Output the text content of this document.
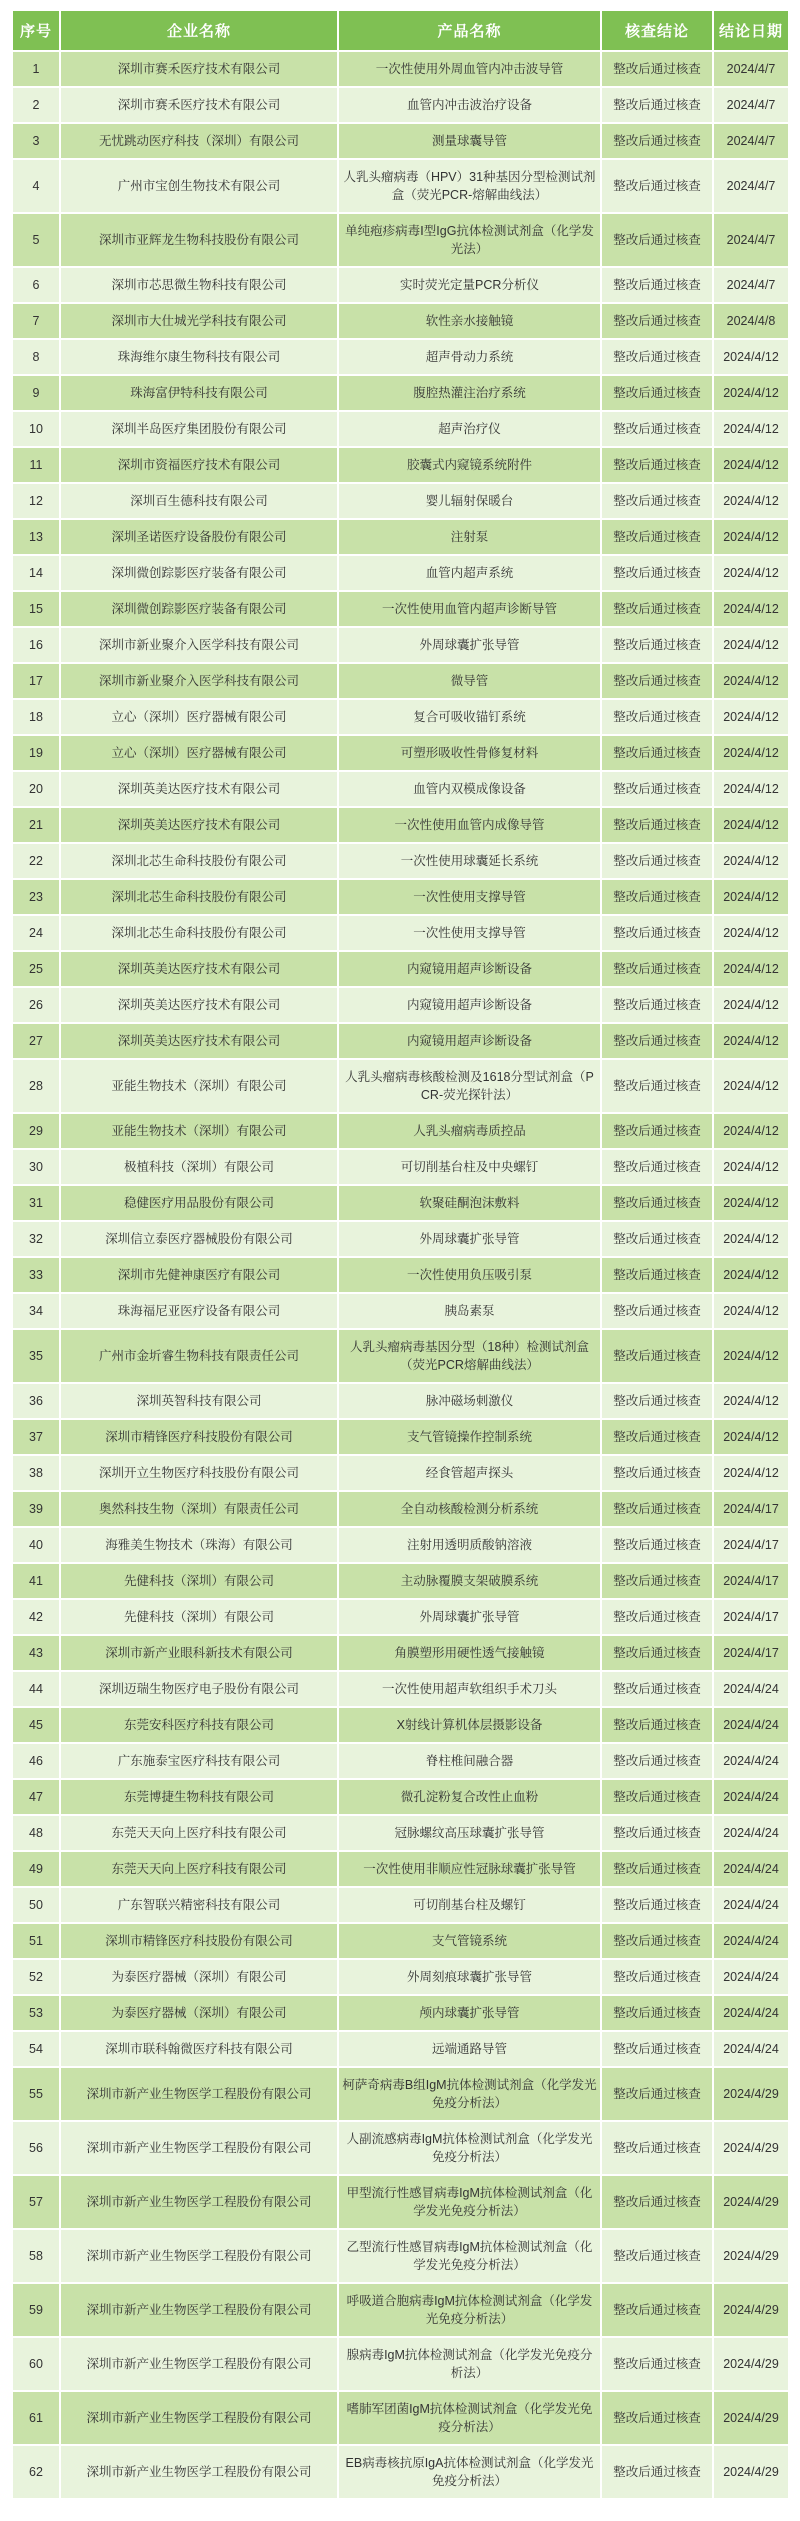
序号	企业名称	产品名称	核查结论	结论日期
1	深圳市赛禾医疗技术有限公司	一次性使用外周血管内冲击波导管	整改后通过核查	2024/4/7
2	深圳市赛禾医疗技术有限公司	血管内冲击波治疗设备	整改后通过核查	2024/4/7
3	无忧跳动医疗科技（深圳）有限公司	测量球囊导管	整改后通过核查	2024/4/7
4	广州市宝创生物技术有限公司	人乳头瘤病毒（HPV）31种基因分型检测试剂盒（荧光PCR-熔解曲线法）	整改后通过核查	2024/4/7
5	深圳市亚辉龙生物科技股份有限公司	单纯疱疹病毒Ⅰ型IgG抗体检测试剂盒（化学发光法）	整改后通过核查	2024/4/7
6	深圳市芯思微生物科技有限公司	实时荧光定量PCR分析仪	整改后通过核查	2024/4/7
7	深圳市大仕城光学科技有限公司	软性亲水接触镜	整改后通过核查	2024/4/8
8	珠海维尔康生物科技有限公司	超声骨动力系统	整改后通过核查	2024/4/12
9	珠海富伊特科技有限公司	腹腔热灌注治疗系统	整改后通过核查	2024/4/12
10	深圳半岛医疗集团股份有限公司	超声治疗仪	整改后通过核查	2024/4/12
11	深圳市资福医疗技术有限公司	胶囊式内窥镜系统附件	整改后通过核查	2024/4/12
12	深圳百生德科技有限公司	婴儿辐射保暖台	整改后通过核查	2024/4/12
13	深圳圣诺医疗设备股份有限公司	注射泵	整改后通过核查	2024/4/12
14	深圳微创踪影医疗装备有限公司	血管内超声系统	整改后通过核查	2024/4/12
15	深圳微创踪影医疗装备有限公司	一次性使用血管内超声诊断导管	整改后通过核查	2024/4/12
16	深圳市新业聚介入医学科技有限公司	外周球囊扩张导管	整改后通过核查	2024/4/12
17	深圳市新业聚介入医学科技有限公司	微导管	整改后通过核查	2024/4/12
18	立心（深圳）医疗器械有限公司	复合可吸收锚钉系统	整改后通过核查	2024/4/12
19	立心（深圳）医疗器械有限公司	可塑形吸收性骨修复材料	整改后通过核查	2024/4/12
20	深圳英美达医疗技术有限公司	血管内双模成像设备	整改后通过核查	2024/4/12
21	深圳英美达医疗技术有限公司	一次性使用血管内成像导管	整改后通过核查	2024/4/12
22	深圳北芯生命科技股份有限公司	一次性使用球囊延长系统	整改后通过核查	2024/4/12
23	深圳北芯生命科技股份有限公司	一次性使用支撑导管	整改后通过核查	2024/4/12
24	深圳北芯生命科技股份有限公司	一次性使用支撑导管	整改后通过核查	2024/4/12
25	深圳英美达医疗技术有限公司	内窥镜用超声诊断设备	整改后通过核查	2024/4/12
26	深圳英美达医疗技术有限公司	内窥镜用超声诊断设备	整改后通过核查	2024/4/12
27	深圳英美达医疗技术有限公司	内窥镜用超声诊断设备	整改后通过核查	2024/4/12
28	亚能生物技术（深圳）有限公司	人乳头瘤病毒核酸检测及1618分型试剂盒（PCR-荧光探针法）	整改后通过核查	2024/4/12
29	亚能生物技术（深圳）有限公司	人乳头瘤病毒质控品	整改后通过核查	2024/4/12
30	极植科技（深圳）有限公司	可切削基台柱及中央螺钉	整改后通过核查	2024/4/12
31	稳健医疗用品股份有限公司	软聚硅酮泡沫敷料	整改后通过核查	2024/4/12
32	深圳信立泰医疗器械股份有限公司	外周球囊扩张导管	整改后通过核查	2024/4/12
33	深圳市先健神康医疗有限公司	一次性使用负压吸引泵	整改后通过核查	2024/4/12
34	珠海福尼亚医疗设备有限公司	胰岛素泵	整改后通过核查	2024/4/12
35	广州市金圻睿生物科技有限责任公司	人乳头瘤病毒基因分型（18种）检测试剂盒（荧光PCR熔解曲线法）	整改后通过核查	2024/4/12
36	深圳英智科技有限公司	脉冲磁场刺激仪	整改后通过核查	2024/4/12
37	深圳市精锋医疗科技股份有限公司	支气管镜操作控制系统	整改后通过核查	2024/4/12
38	深圳开立生物医疗科技股份有限公司	经食管超声探头	整改后通过核查	2024/4/12
39	奥然科技生物（深圳）有限责任公司	全自动核酸检测分析系统	整改后通过核查	2024/4/17
40	海雅美生物技术（珠海）有限公司	注射用透明质酸钠溶液	整改后通过核查	2024/4/17
41	先健科技（深圳）有限公司	主动脉覆膜支架破膜系统	整改后通过核查	2024/4/17
42	先健科技（深圳）有限公司	外周球囊扩张导管	整改后通过核查	2024/4/17
43	深圳市新产业眼科新技术有限公司	角膜塑形用硬性透气接触镜	整改后通过核查	2024/4/17
44	深圳迈瑞生物医疗电子股份有限公司	一次性使用超声软组织手术刀头	整改后通过核查	2024/4/24
45	东莞安科医疗科技有限公司	X射线计算机体层摄影设备	整改后通过核查	2024/4/24
46	广东施泰宝医疗科技有限公司	脊柱椎间融合器	整改后通过核查	2024/4/24
47	东莞博捷生物科技有限公司	微孔淀粉复合改性止血粉	整改后通过核查	2024/4/24
48	东莞天天向上医疗科技有限公司	冠脉螺纹高压球囊扩张导管	整改后通过核查	2024/4/24
49	东莞天天向上医疗科技有限公司	一次性使用非顺应性冠脉球囊扩张导管	整改后通过核查	2024/4/24
50	广东智联兴精密科技有限公司	可切削基台柱及螺钉	整改后通过核查	2024/4/24
51	深圳市精锋医疗科技股份有限公司	支气管镜系统	整改后通过核查	2024/4/24
52	为泰医疗器械（深圳）有限公司	外周刻痕球囊扩张导管	整改后通过核查	2024/4/24
53	为泰医疗器械（深圳）有限公司	颅内球囊扩张导管	整改后通过核查	2024/4/24
54	深圳市联科翰微医疗科技有限公司	远端通路导管	整改后通过核查	2024/4/24
55	深圳市新产业生物医学工程股份有限公司	柯萨奇病毒B组IgM抗体检测试剂盒（化学发光免疫分析法）	整改后通过核查	2024/4/29
56	深圳市新产业生物医学工程股份有限公司	人副流感病毒IgM抗体检测试剂盒（化学发光免疫分析法）	整改后通过核查	2024/4/29
57	深圳市新产业生物医学工程股份有限公司	甲型流行性感冒病毒IgM抗体检测试剂盒（化学发光免疫分析法）	整改后通过核查	2024/4/29
58	深圳市新产业生物医学工程股份有限公司	乙型流行性感冒病毒IgM抗体检测试剂盒（化学发光免疫分析法）	整改后通过核查	2024/4/29
59	深圳市新产业生物医学工程股份有限公司	呼吸道合胞病毒IgM抗体检测试剂盒（化学发光免疫分析法）	整改后通过核查	2024/4/29
60	深圳市新产业生物医学工程股份有限公司	腺病毒IgM抗体检测试剂盒（化学发光免疫分析法）	整改后通过核查	2024/4/29
61	深圳市新产业生物医学工程股份有限公司	嗜肺军团菌IgM抗体检测试剂盒（化学发光免疫分析法）	整改后通过核查	2024/4/29
62	深圳市新产业生物医学工程股份有限公司	EB病毒核抗原IgA抗体检测试剂盒（化学发光免疫分析法）	整改后通过核查	2024/4/29
